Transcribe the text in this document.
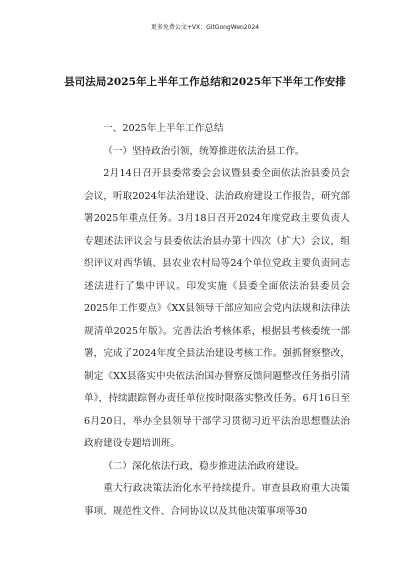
更多免费公文+VX：GitGongWen2024
县司法局2025年上半年工作总结和2025年下半年工作安排

一、2025年上半年工作总结

（一）坚持政治引领，统筹推进依法治县工作。

2月14日召开县委常委会会议暨县委全面依法治县委员会会议，听取2024年法治建设、法治政府建设工作报告，研究部署2025年重点任务。3月18日召开2024年度党政主要负责人专题述法评议会与县委依法治县办第十四次（扩大）会议，组织评议对西华镇、县农业农村局等24个单位党政主要负责同志述法进行了集中评议。印发实施《县委全面依法治县委员会2025年工作要点》《XX县领导干部应知应会党内法规和法律法规清单2025年版》。完善法治考核体系，根据县考核委统一部署，完成了2024年度全县法治建设考核工作。强抓督察整改，制定《XX县落实中央依法治国办督察反馈问题整改任务指引清单》，持续跟踪督办责任单位按时限落实整改任务。6月16日至6月20日，举办全县领导干部学习贯彻习近平法治思想暨法治政府建设专题培训班。

（二）深化依法行政，稳步推进法治政府建设。

重大行政决策法治化水平持续提升。审查县政府重大决策事项、规范性文件、合同协议以及其他决策事项等30
